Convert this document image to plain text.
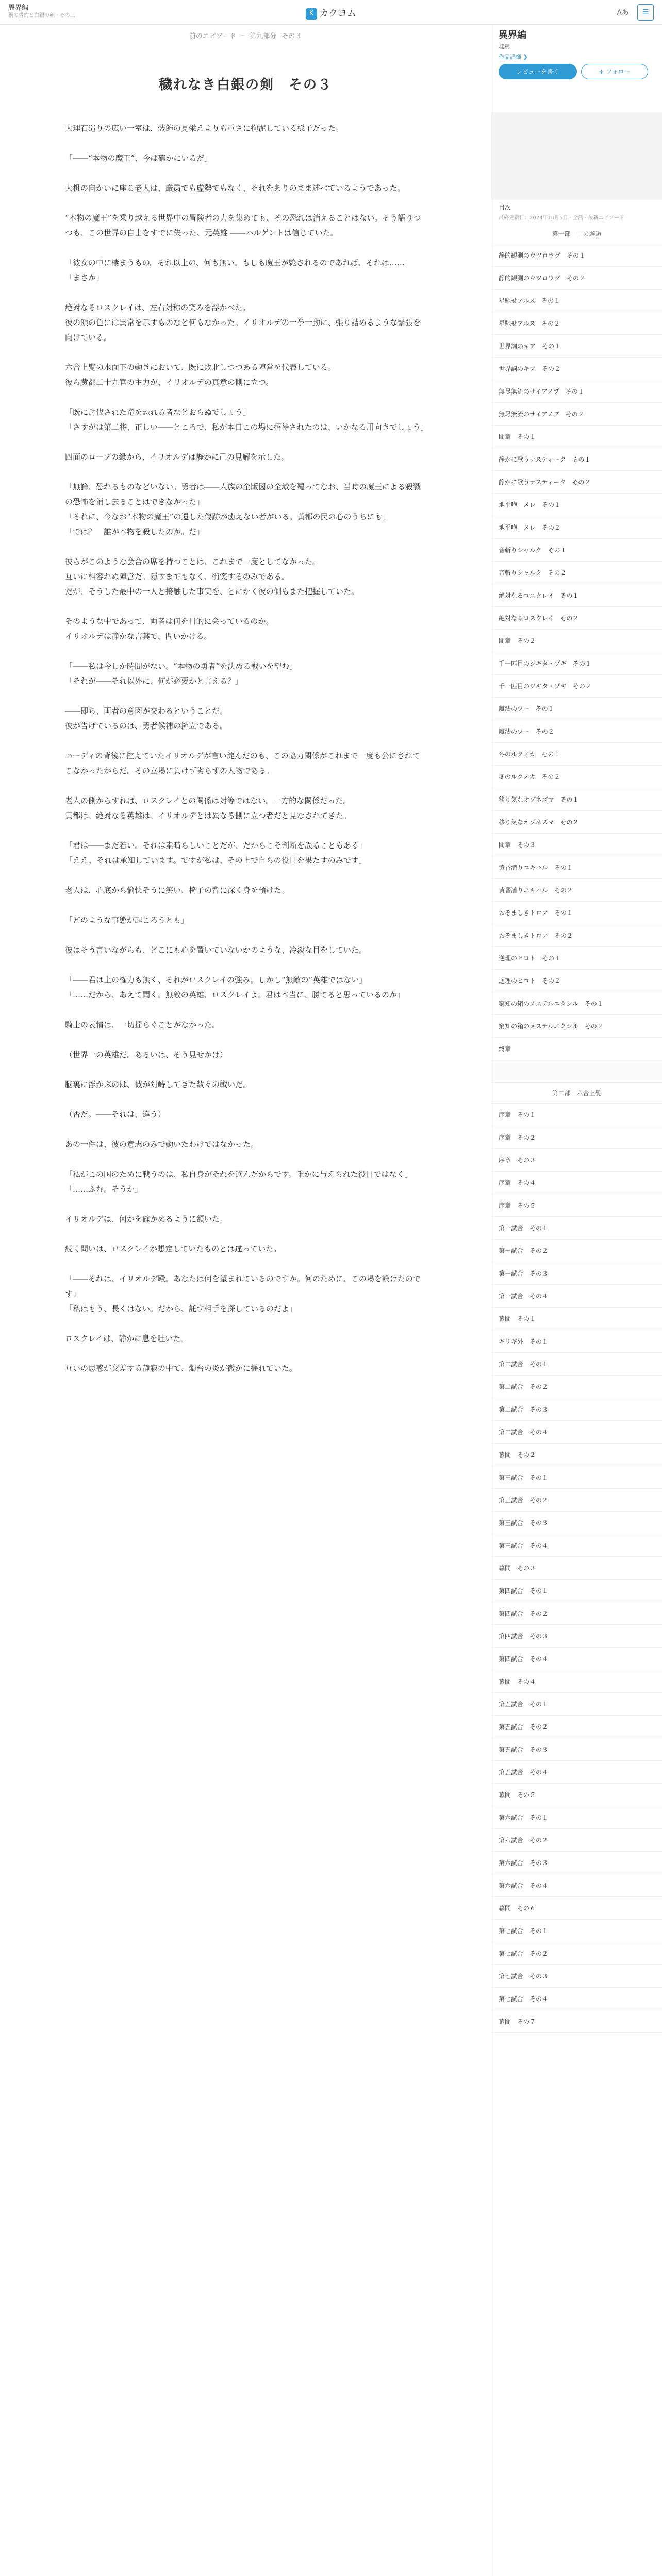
異界編
鋼の誓約と白銀の剣 · その三	K カクヨム	Aあ	☰
前のエピソード – 第九部分 その３
穢れなき白銀の剣　その３

大理石造りの広い一室は、装飾の見栄えよりも重さに拘泥している様子だった。

「――“本物の魔王”、今は確かにいるだ」

大机の向かいに座る老人は、厳粛でも虚勢でもなく、それをありのまま述べているようであった。

“本物の魔王”を乗り越える世界中の冒険者の力を集めても、その恐れは消えることはない。そう語りつつも、この世界の自由をすでに失った、元英雄 ――ハルゲントは信じていた。

「彼女の中に棲まうもの。それ以上の、何も無い。もしも魔王が斃されるのであれば、それは……」

「まさか」

絶対なるロスクレイは、左右対称の笑みを浮かべた。

彼の顔の色には異常を示すものなど何もなかった。イリオルデの一挙一動に、張り詰めるような緊張を向けている。

六合上覧の水面下の動きにおいて、既に敗北しつつある陣営を代表している。

彼ら黄都二十九官の主力が、イリオルデの真意の側に立つ。

「既に討伐された竜を恐れる者などおらぬでしょう」

「さすがは第二将、正しい――ところで、私が本日この場に招待されたのは、いかなる用向きでしょう」

四面のローブの縁から、イリオルデは静かに己の見解を示した。

「無論、恐れるものなどいない。勇者は――人族の全版図の全域を覆ってなお、当時の魔王による殺戮の恐怖を消し去ることはできなかった」

「それに、今なお“本物の魔王”の遺した傷跡が癒えない者がいる。黄都の民の心のうちにも」

「では？　誰が本物を殺したのか。だ」

彼らがこのような会合の席を持つことは、これまで一度としてなかった。

互いに相容れぬ陣営だ。隠すまでもなく、衝突するのみである。

だが、そうした最中の一人と接触した事実を、とにかく彼の側もまた把握していた。

そのような中であって、両者は何を目的に会っているのか。

イリオルデは静かな言葉で、問いかける。

「――私は今しか時間がない。“本物の勇者”を決める戦いを望む」

「それが――それ以外に、何が必要かと言える？」

――即ち、両者の意図が交わるということだ。

彼が告げているのは、勇者候補の擁立である。

ハーディの背後に控えていたイリオルデが言い淀んだのも、この協力関係がこれまで一度も公にされてこなかったからだ。その立場に負けず劣らずの人物である。

老人の側からすれば、ロスクレイとの関係は対等ではない。一方的な関係だった。

黄都は、絶対なる英雄は、イリオルデとは異なる側に立つ者だと見なされてきた。

「君は――まだ若い。それは素晴らしいことだが、だからこそ判断を誤ることもある」

「ええ、それは承知しています。ですが私は、その上で自らの役目を果たすのみです」

老人は、心底から愉快そうに笑い、椅子の背に深く身を預けた。

「どのような事態が起ころうとも」

彼はそう言いながらも、どこにも心を置いていないかのような、冷淡な目をしていた。

「――君は上の権力も無く、それがロスクレイの強み。しかし“無敵の”英雄ではない」

「……だから、あえて聞く。無敵の英雄、ロスクレイよ。君は本当に、勝てると思っているのか」

騎士の表情は、一切揺らぐことがなかった。

（世界一の英雄だ。あるいは、そう見せかけ）

脳裏に浮かぶのは、彼が対峙してきた数々の戦いだ。

（否だ。――それは、違う）

あの一件は、彼の意志のみで動いたわけではなかった。

「私がこの国のために戦うのは、私自身がそれを選んだからです。誰かに与えられた役目ではなく」

「……ふむ。そうか」

イリオルデは、何かを確かめるように頷いた。

続く問いは、ロスクレイが想定していたものとは違っていた。

「――それは、イリオルデ殿。あなたは何を望まれているのですか。何のために、この場を設けたのです」

「私はもう、長くはない。だから、託す相手を探しているのだよ」

ロスクレイは、静かに息を吐いた。

互いの思惑が交差する静寂の中で、燭台の炎が微かに揺れていた。

異界編
珪素
作品詳細 ❯
レビューを書く	+ フォロー
目次
最終更新日：2024年10月5日 · 全話 · 最新エピソード
第一部　十の邂逅
静的観測のウツロウグ　その１
静的観測のウツロウグ　その２
星馳せアルス　その１
星馳せアルス　その２
世界詞のキア　その１
世界詞のキア　その２
無尽無流のサイアノプ　その１
無尽無流のサイアノプ　その２
間章　その１
静かに歌うナスティーク　その１
静かに歌うナスティーク　その２
地平咆　メレ　その１
地平咆　メレ　その２
音斬りシャルク　その１
音斬りシャルク　その２
絶対なるロスクレイ　その１
絶対なるロスクレイ　その２
間章　その２
千一匹目のジギタ・ゾギ　その１
千一匹目のジギタ・ゾギ　その２
魔法のツー　その１
魔法のツー　その２
冬のルクノカ　その１
冬のルクノカ　その２
移り気なオゾネズマ　その１
移り気なオゾネズマ　その２
間章　その３
黄昏潜りユキハル　その１
黄昏潜りユキハル　その２
おぞましきトロア　その１
おぞましきトロア　その２
逆理のヒロト　その１
逆理のヒロト　その２
窮知の箱のメステルエクシル　その１
窮知の箱のメステルエクシル　その２
終章
第二部　六合上覧
序章　その１
序章　その２
序章　その３
序章　その４
序章　その５
第一試合　その１
第一試合　その２
第一試合　その３
第一試合　その４
幕間　その１
ギリギ外　その１
第二試合　その１
第二試合　その２
第二試合　その３
第二試合　その４
幕間　その２
第三試合　その１
第三試合　その２
第三試合　その３
第三試合　その４
幕間　その３
第四試合　その１
第四試合　その２
第四試合　その３
第四試合　その４
幕間　その４
第五試合　その１
第五試合　その２
第五試合　その３
第五試合　その４
幕間　その５
第六試合　その１
第六試合　その２
第六試合　その３
第六試合　その４
幕間　その６
第七試合　その１
第七試合　その２
第七試合　その３
第七試合　その４
幕間　その７
